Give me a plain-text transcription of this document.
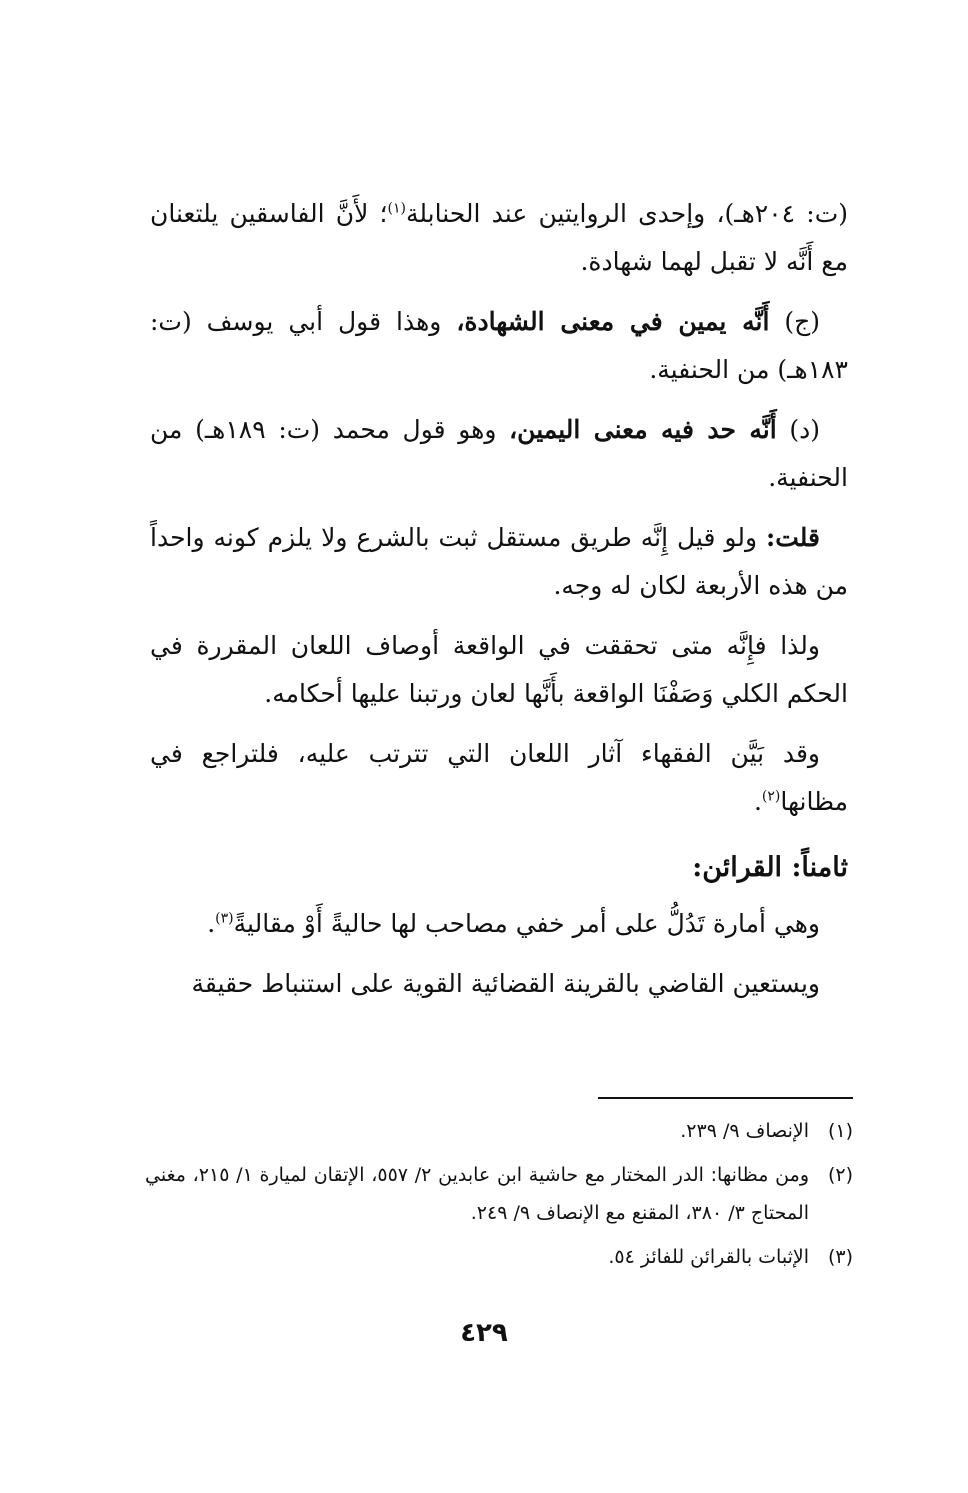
(ت: ٢٠٤هـ)، وإحدى الروايتين عند الحنابلة$^{(١)}$؛ لأَنَّ الفاسقين يلتعنان مع أَنَّه لا تقبل لهما شهادة.

(ج) أَنَّه يمين في معنى الشهادة، وهذا قول أبي يوسف (ت: ١٨٣هـ) من الحنفية.

(د) أَنَّه حد فيه معنى اليمين، وهو قول محمد (ت: ١٨٩هـ) من الحنفية.

قلت: ولو قيل إِنَّه طريق مستقل ثبت بالشرع ولا يلزم كونه واحداً من هذه الأربعة لكان له وجه.

ولذا فإِنَّه متى تحققت في الواقعة أوصاف اللعان المقررة في الحكم الكلي وَصَفْنَا الواقعة بأَنَّها لعان ورتبنا عليها أحكامه.

وقد بَيَّن الفقهاء آثار اللعان التي تترتب عليه، فلتراجع في مظانها$^{(٢)}$.

ثامناً: القرائن:

وهي أمارة تَدُلُّ على أمر خفي مصاحب لها حاليةً أَوْ مقاليةً$^{(٣)}$.

ويستعين القاضي بالقرينة القضائية القوية على استنباط حقيقة

(١)الإنصاف ٩/ ٢٣٩.

(٢)ومن مظانها: الدر المختار مع حاشية ابن عابدين ٢/ ٥٥٧، الإتقان لميارة ١/ ٢١٥، مغني المحتاج ٣/ ٣٨٠، المقنع مع الإنصاف ٩/ ٢٤٩.

(٣)الإثبات بالقرائن للفائز ٥٤.

٤٢٩
